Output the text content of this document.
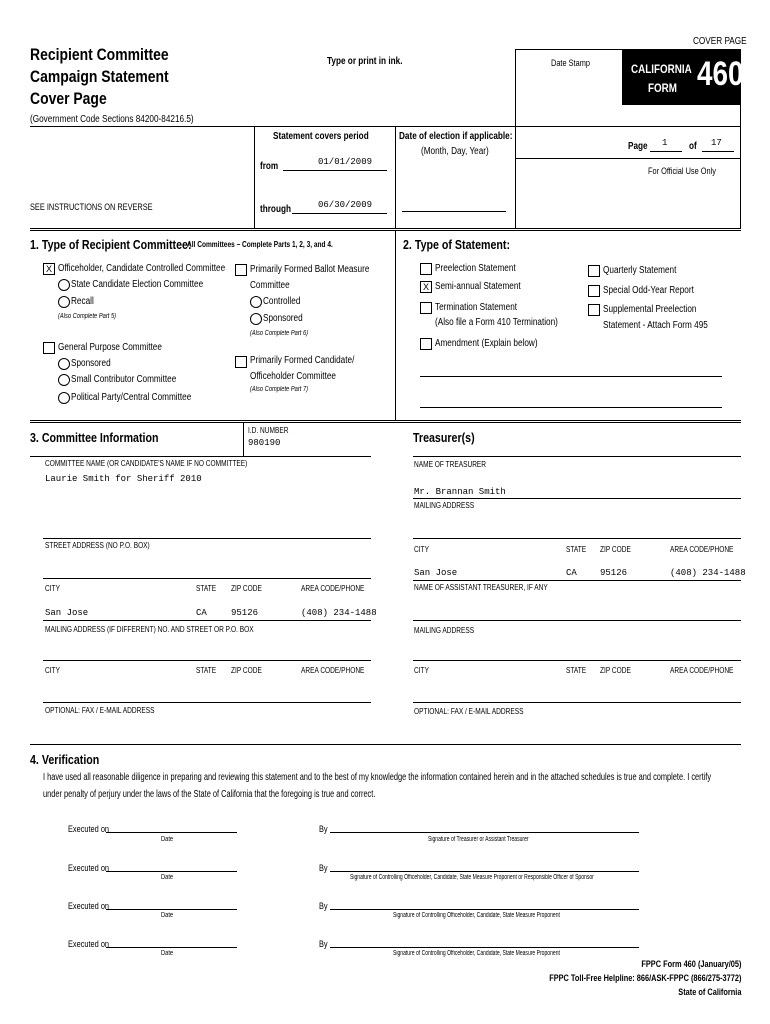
COVER PAGE
Recipient Committee
Campaign Statement
Cover Page
(Government Code Sections 84200-84216.5)
Type or print in ink.	Date Stamp	CALIFORNIA
FORM 460
Statement covers period
from	01/01/2009
through	06/30/2009
Date of election if applicable:
(Month, Day, Year)	Page 1 of 17
For Official Use Only
SEE INSTRUCTIONS ON REVERSE
1. Type of Recipient Committee:
All Committees – Complete Parts 1, 2, 3, and 4.
X Officeholder, Candidate Controlled Committee
State Candidate Election Committee
Recall
(Also Complete Part 5)
General Purpose Committee
Sponsored
Small Contributor Committee
Political Party/Central Committee
Primarily Formed Ballot Measure
Committee
Controlled
Sponsored
(Also Complete Part 6)
Primarily Formed Candidate/
Officeholder Committee
(Also Complete Part 7)
2. Type of Statement:
Preelection Statement
X Semi-annual Statement
Termination Statement
(Also file a Form 410 Termination)
Amendment (Explain below)
Quarterly Statement
Special Odd-Year Report
Supplemental Preelection
Statement - Attach Form 495
3. Committee Information	I.D. NUMBER
980190
COMMITTEE NAME (OR CANDIDATE'S NAME IF NO COMMITTEE)
Laurie Smith for Sheriff 2010
STREET ADDRESS (NO P.O. BOX)
CITY	STATE ZIP CODE	AREA CODE/PHONE
San Jose	CA	95126	(408) 234-1488
MAILING ADDRESS (IF DIFFERENT) NO. AND STREET OR P.O. BOX
CITY	STATE ZIP CODE	AREA CODE/PHONE
OPTIONAL: FAX / E-MAIL ADDRESS
Treasurer(s)
NAME OF TREASURER
Mr. Brannan Smith
MAILING ADDRESS
CITY	STATE ZIP CODE	AREA CODE/PHONE
San Jose	CA	95126	(408) 234-1488
NAME OF ASSISTANT TREASURER, IF ANY
MAILING ADDRESS
CITY	STATE ZIP CODE	AREA CODE/PHONE
OPTIONAL: FAX / E-MAIL ADDRESS
4. Verification
I have used all reasonable diligence in preparing and reviewing this statement and to the best of my knowledge the information contained herein and in the attached schedules is true and complete. I certify
under penalty of perjury under the laws of the State of California that the foregoing is true and correct.
Executed on
Date
By
Signature of Treasurer or Assistant Treasurer
Executed on
Date
By
Signature of Controlling Officeholder, Candidate, State Measure Proponent or Responsible Officer of Sponsor
Executed on
Date
By
Signature of Controlling Officeholder, Candidate, State Measure Proponent
Executed on
Date
By
Signature of Controlling Officeholder, Candidate, State Measure Proponent
FPPC Form 460 (January/05)
FPPC Toll-Free Helpline: 866/ASK-FPPC (866/275-3772)
State of California
